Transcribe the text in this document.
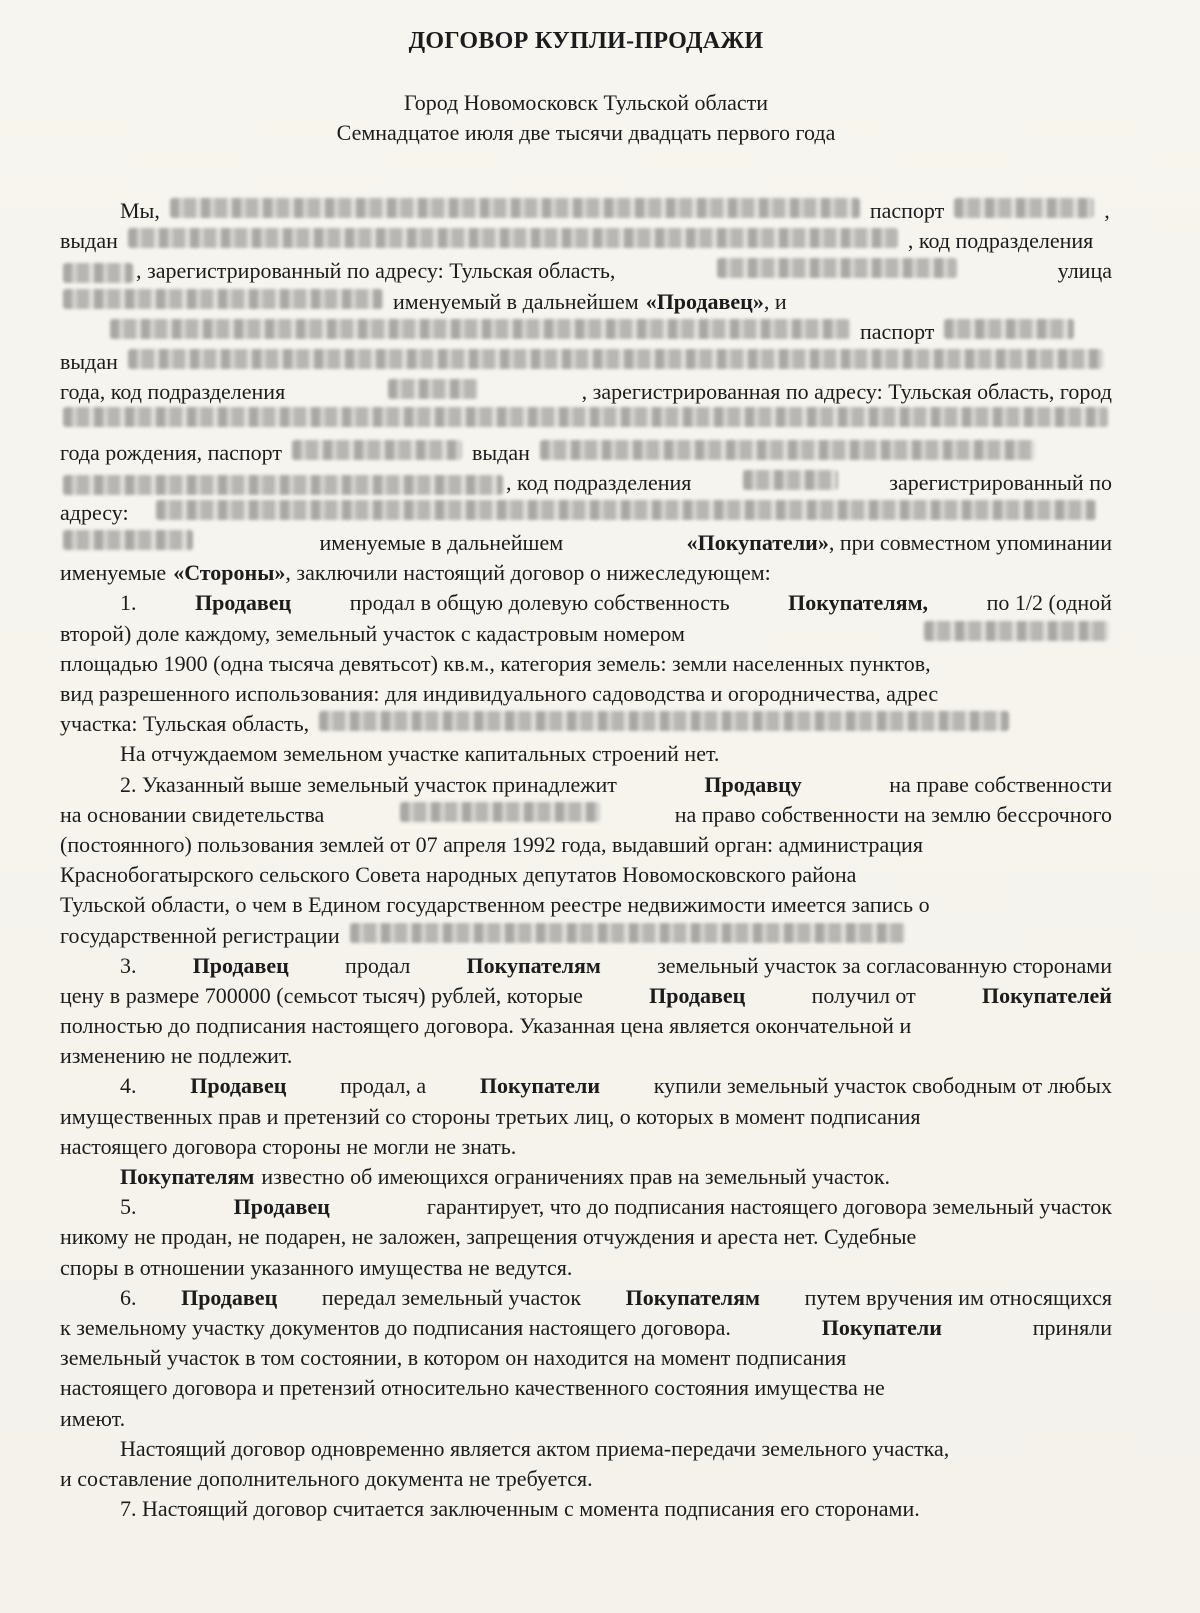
ДОГОВОР КУПЛИ-ПРОДАЖИ
Город Новомосковск Тульской области
Семнадцатое июля две тысячи двадцать первого года
Мы,	паспорт	,
выдан	, код подразделения
, зарегистрированный по адресу: Тульская область,	улица
именуемый в дальнейшем «Продавец», и
паспорт
выдан
года, код подразделения	, зарегистрированная по адресу: Тульская область, город
года рождения, паспорт	выдан
, код подразделения	зарегистрированный по
адресу:
именуемые в дальнейшем	«Покупатели», при совместном упоминании
именуемые «Стороны», заключили настоящий договор о нижеследующем:
1.	Продавец	продал в общую долевую собственность	Покупателям,	по 1/2 (одной
второй) доле каждому, земельный участок с кадастровым номером
площадью 1900 (одна тысяча девятьсот) кв.м., категория земель: земли населенных пунктов,
вид разрешенного использования: для индивидуального садоводства и огородничества, адрес
участка: Тульская область,
На отчуждаемом земельном участке капитальных строений нет.
2. Указанный выше земельный участок принадлежит	Продавцу	на праве собственности
на основании свидетельства	на право собственности на землю бессрочного
(постоянного) пользования землей от 07 апреля 1992 года, выдавший орган: администрация
Краснобогатырского сельского Совета народных депутатов Новомосковского района
Тульской области, о чем в Едином государственном реестре недвижимости имеется запись о
государственной регистрации
3.	Продавец	продал	Покупателям	земельный участок за согласованную сторонами
цену в размере 700000 (семьсот тысяч) рублей, которые	Продавец	получил от	Покупателей
полностью до подписания настоящего договора. Указанная цена является окончательной и
изменению не подлежит.
4. Продавец продал, а Покупатели купили земельный участок свободным от любых
имущественных прав и претензий со стороны третьих лиц, о которых в момент подписания
настоящего договора стороны не могли не знать.
Покупателям известно об имеющихся ограничениях прав на земельный участок.
5.	Продавец	гарантирует, что до подписания настоящего договора земельный участок
никому не продан, не подарен, не заложен, запрещения отчуждения и ареста нет. Судебные
споры в отношении указанного имущества не ведутся.
6. Продавец передал земельный участок Покупателям путем вручения им относящихся
к земельному участку документов до подписания настоящего договора.	Покупатели	приняли
земельный участок в том состоянии, в котором он находится на момент подписания
настоящего договора и претензий относительно качественного состояния имущества не
имеют.
Настоящий договор одновременно является актом приема-передачи земельного участка,
и составление дополнительного документа не требуется.
7. Настоящий договор считается заключенным с момента подписания его сторонами.
